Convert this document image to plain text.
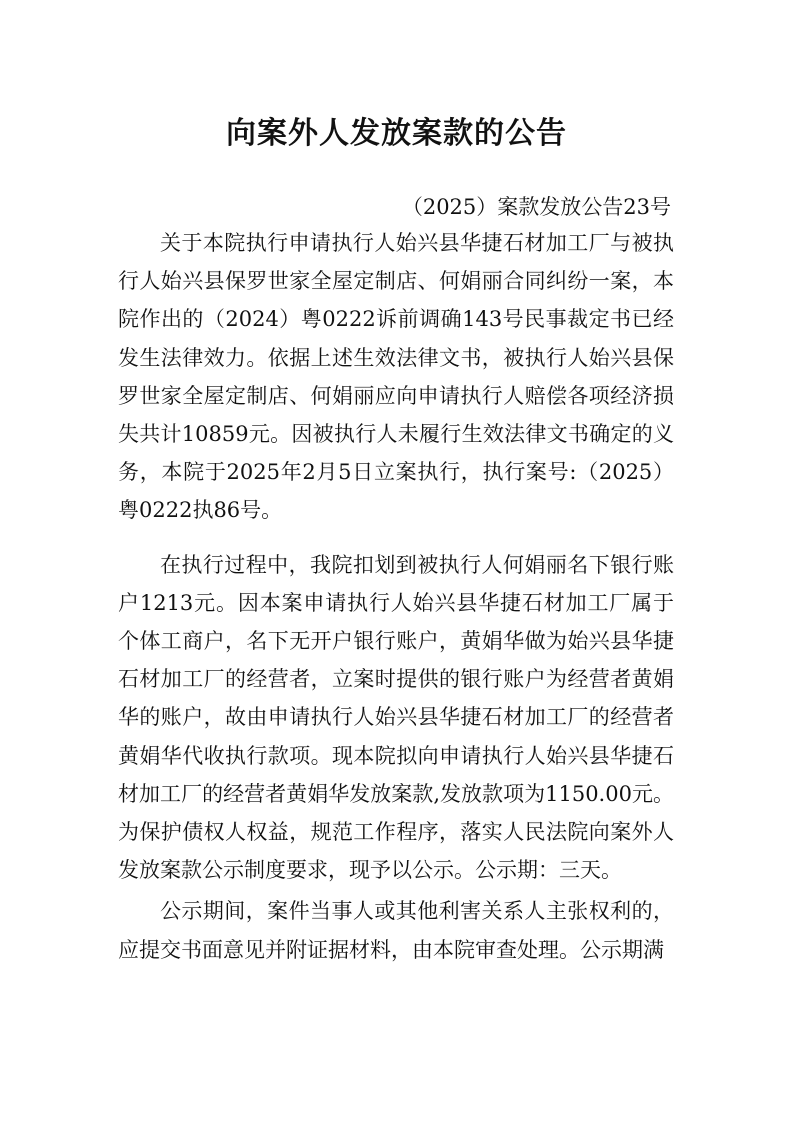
向案外人发放案款的公告
（2025）案款发放公告23号

关于本院执行申请执行人始兴县华捷石材加工厂与被执行人始兴县保罗世家全屋定制店、何娟丽合同纠纷一案，本院作出的（2024）粤0222诉前调确143号民事裁定书已经发生法律效力。依据上述生效法律文书，被执行人始兴县保罗世家全屋定制店、何娟丽应向申请执行人赔偿各项经济损失共计10859元。因被执行人未履行生效法律文书确定的义务，本院于2025年2月5日立案执行，执行案号:（2025）粤0222执86号。

在执行过程中，我院扣划到被执行人何娟丽名下银行账户1213元。因本案申请执行人始兴县华捷石材加工厂属于个体工商户，名下无开户银行账户，黄娟华做为始兴县华捷石材加工厂的经营者，立案时提供的银行账户为经营者黄娟华的账户，故由申请执行人始兴县华捷石材加工厂的经营者黄娟华代收执行款项。现本院拟向申请执行人始兴县华捷石材加工厂的经营者黄娟华发放案款,发放款项为1150.00元。为保护债权人权益，规范工作程序，落实人民法院向案外人发放案款公示制度要求，现予以公示。公示期：三天。

公示期间，案件当事人或其他利害关系人主张权利的，应提交书面意见并附证据材料，由本院审查处理。公示期满
